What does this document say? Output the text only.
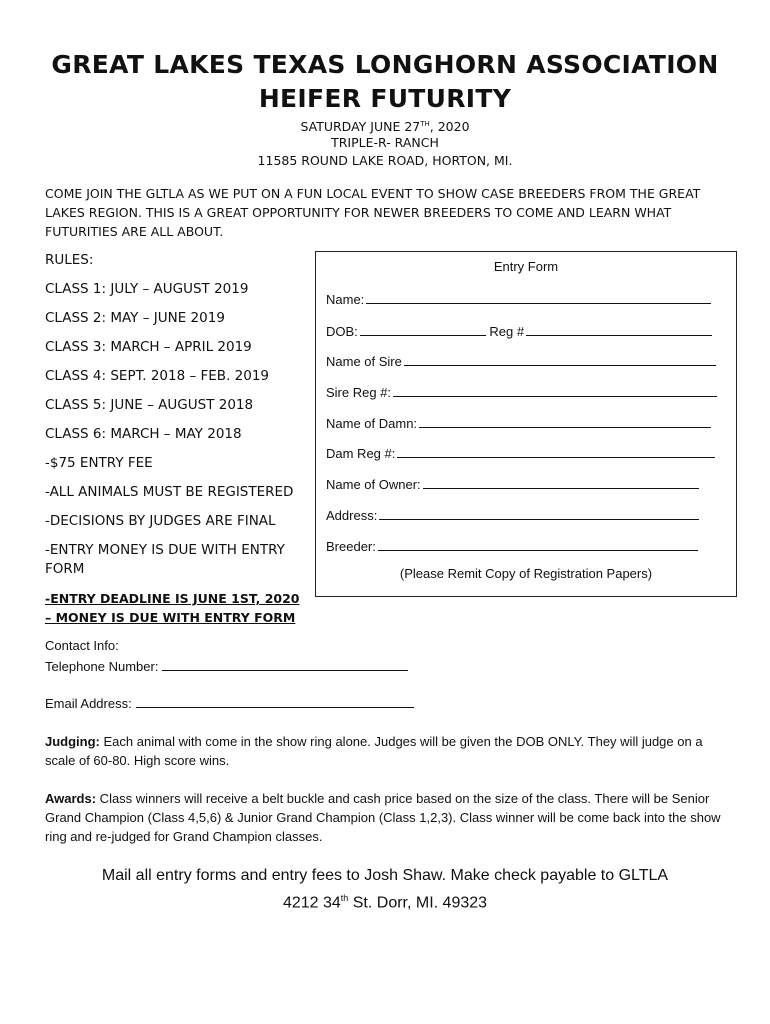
GREAT LAKES TEXAS LONGHORN ASSOCIATION
HEIFER FUTURITY
SATURDAY JUNE 27TH, 2020
TRIPLE-R- RANCH
11585 ROUND LAKE ROAD, HORTON, MI.
COME JOIN THE GLTLA AS WE PUT ON A FUN LOCAL EVENT TO SHOW CASE BREEDERS FROM THE GREAT LAKES REGION. THIS IS A GREAT OPPORTUNITY FOR NEWER BREEDERS TO COME AND LEARN WHAT FUTURITIES ARE ALL ABOUT.
RULES:
CLASS 1: JULY – AUGUST 2019
CLASS 2: MAY – JUNE 2019
CLASS 3: MARCH – APRIL 2019
CLASS 4: SEPT. 2018 – FEB. 2019
CLASS 5: JUNE – AUGUST 2018
CLASS 6: MARCH – MAY 2018
-$75 ENTRY FEE
-ALL ANIMALS MUST BE REGISTERED
-DECISIONS BY JUDGES ARE FINAL
-ENTRY MONEY IS DUE WITH ENTRY FORM
-ENTRY DEADLINE IS JUNE 1ST, 2020 – MONEY IS DUE WITH ENTRY FORM
Entry Form
Name:
DOB:	Reg #
Name of Sire
Sire Reg #:
Name of Damn:
Dam Reg #:
Name of Owner:
Address:
Breeder:
(Please Remit Copy of Registration Papers)
Contact Info:
Telephone Number:
Email Address:
Judging: Each animal with come in the show ring alone. Judges will be given the DOB ONLY. They will judge on a scale of 60-80. High score wins.
Awards: Class winners will receive a belt buckle and cash price based on the size of the class. There will be Senior Grand Champion (Class 4,5,6) & Junior Grand Champion (Class 1,2,3). Class winner will be come back into the show ring and re-judged for Grand Champion classes.
Mail all entry forms and entry fees to Josh Shaw. Make check payable to GLTLA
4212 34th St. Dorr, MI. 49323
